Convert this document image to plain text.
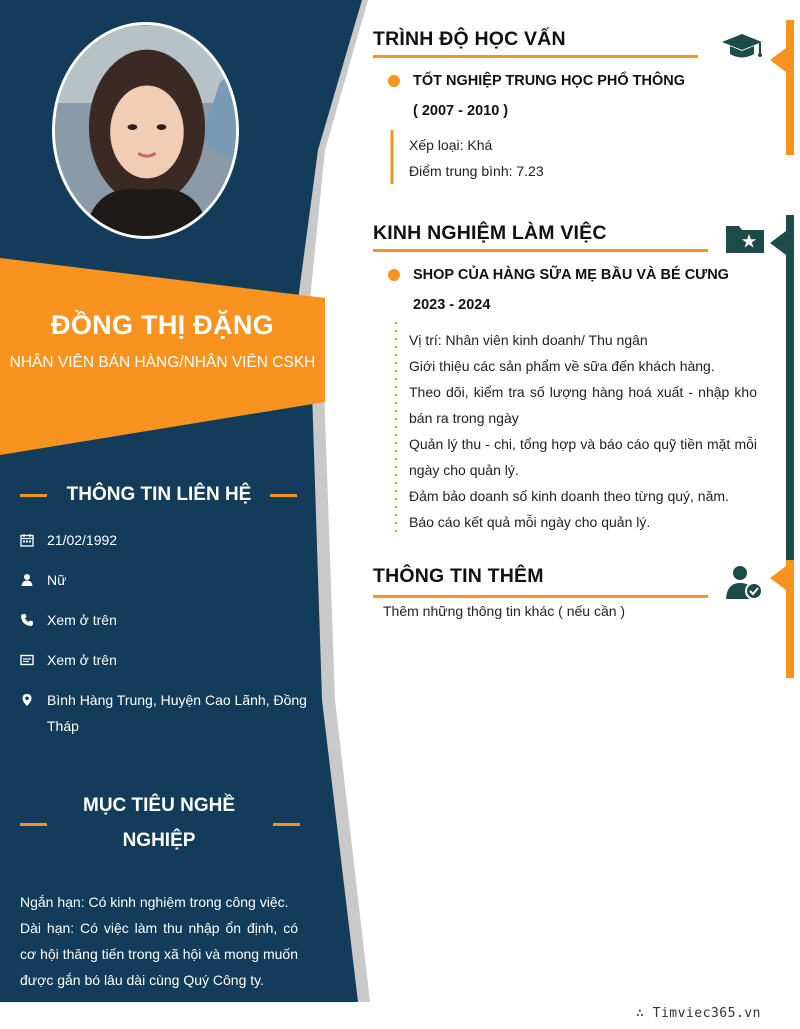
ĐỒNG THỊ ĐẶNG
NHÂN VIÊN BÁN HÀNG/NHÂN VIÊN CSKH
THÔNG TIN LIÊN HỆ
21/02/1992
Nữ
Xem ở trên
Xem ở trên
Bình Hàng Trung, Huyện Cao Lãnh, Đồng Tháp
MỤC TIÊU NGHỀ
NGHIỆP

Ngắn hạn: Có kinh nghiệm trong công việc.

Dài hạn: Có việc làm thu nhập ổn định, có cơ hội thăng tiến trong xã hội và mong muốn được gắn bó lâu dài cùng Quý Công ty.

TRÌNH ĐỘ HỌC VẤN
TỐT NGHIỆP TRUNG HỌC PHỔ THÔNG
( 2007 - 2010 )
Xếp loại: Khá
Điểm trung bình: 7.23
KINH NGHIỆM LÀM VIỆC
SHOP CỦA HÀNG SỮA MẸ BẦU VÀ BÉ CƯNG
2023 - 2024
Vị trí: Nhân viên kinh doanh/ Thu ngân
Giới thiệu các sản phẩm về sữa đến khách hàng.
Theo dõi, kiểm tra số lượng hàng hoá xuất - nhập kho bán ra trong ngày
Quản lý thu - chi, tổng hợp và báo cáo quỹ tiền mặt mỗi ngày cho quản lý.
Đảm bảo doanh số kinh doanh theo từng quý, năm.
Báo cáo kết quả mỗi ngày cho quản lý.
THÔNG TIN THÊM
Thêm những thông tin khác ( nếu cần )
∴ Timviec365.vn
